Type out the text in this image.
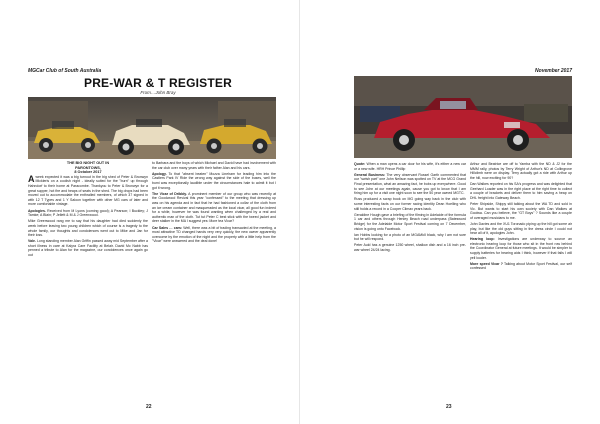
MGCar Club of South Australia
PRE-WAR & T REGISTER
From…John Bray
THE BIG NIGHT OUT IN
PARONTOWS,
8 October 2017

Aweek expected it was a big turnout in the big shed of Peter & Bronwyn Mickleris on a coolish night - ideally suited for the "burn" up through Hahndorf to their home at Paracombe. Thankyou to Peter & Bronwyn for a great supper, hot fire and heaps of seats in the shed. The big drops had been moved out to accommodate the enthralled members, of which 37 signed in with 12 T Types and 1 Y Saloon together with other MG cars of later and more comfortable vintage.

Apologies. Received from M Lyons (coming good); A Pearson; I Buckley; J Tamke; A Blain; P Jellett & M & J Greenwood.

Mike Greenwood rang me to say that his daughter had died suddenly the week before leaving two young children which of course is a tragedy to the whole family, our thoughts and condolences went out to Mike and Jan for their loss.

Vale. Long standing member Alan Griffin passed away mid September after a short illness in care at Kalyra Care Facility at Belair. David Mc Nabb has penned a tribute to Alan for the magazine, our condolences once again go out

to Barbara and the boys of which Michael and David have had involvement with the car club over many years with their father Alan and his cars.

Apology. To that "absent beaten" Mozza Lineham for leading him into the Castlers Park IV Ride the wrong way against the side of the buses, well the bumi was exceptionally laudible under the circumstances hale to admit it but I got it wrong.

The Vicar of Dribbly. A prominent member of our group who was recently at the Goodwood Revival this year "confessed" to the meeting that dressing up was on his agenda and in fact that he had fashioned a collar of the cloth from an ice cream container and masqueraded as the local vicar, all good fun indeed for a while, however he was found wanting when challenged by a real and authentic man of the cloth. Tut tut Peter C best stick with the tweed jacket and deer stalker in the MA I suggest yes: More tea Vicar?

Car Sales … cars: Well, there was a bit of trading transacted at the meeting, a most attractive TD changed hands very very quickly, the new owner apparently overcome by the emotion of the night and the property with a little help from the "Vicar" were answered and the deal done!

22
November 2017

Quote: When a man opens a car door for his wife, it's either a new car or a new wife. HRH Prince Phillip

General Business: The very observant Russel Garth commented that our "swish part" one John Neilson was spotted on TV at the MCG Grand Final presentation, what an amazing fact, he bobs up everywhere. Good to see John at our meetings again, cause you got to know that I am firing him up for a visit one night soon to see the 50 year owned MGTC.

Russ produced a scrap book on MG going way back in the club with some interesting facts on our former racing identity Dean Hoelling who still holds a record in a Cooper Climax years back.

Geraldine Hough gave a briefing of the filming in Adelaide of the formula 1 car and others through Henley Beach road underpass (Batesword Bridge) for the Adelaide Motor Sport Festival coming on 7 December, vision is going onto Facebook.

Ian Hobbs looking for a photo of an MGAMkII black, why I am not sure but he will respond.

Peter Auld has a genuine 1250 wheel, shallow dish and a 16 inch pre-war wheel 24/24 lacing.

Arthur and Beatrice are off to Yamba with the ND & J2 for the MMM rally, photos by Terry Wright of Arthur's ND at Collingrove Hillclimb were on display. Terry actually got a ride with Arthur up the hill, now exciting for 90?

Dan Walkes reported on his SA's progress and was delighted that Geehard Loader was in the right place at the right time to collect a couple of brackets and deliver them to him saving a heap on DHL freight into Gateway Beach.

Peter Shipside, Shippy still talking about the WA TD and sold in Vic. But wants to start his own society with Dan Walkes at Goolwa. Can you believe, the "GT Boys" ? Sounds like a couple of overaged musicians to me.

John Davies and the XU1 Toronado piping up the hill got some air play, but like the old guys sitting in the dress circle I could not hear all of it, apologies John.

Hearing loop: Investigations are underway to source an electronic hearing loop for those who sit in the front row behind the Coordinator General at future meetings. It would be simpler to supply batteries for hearing aids I think, however if that fails I will yell louder.

More speed Vicar ? Talking about Motor Sport Festival, our self confessed

23
